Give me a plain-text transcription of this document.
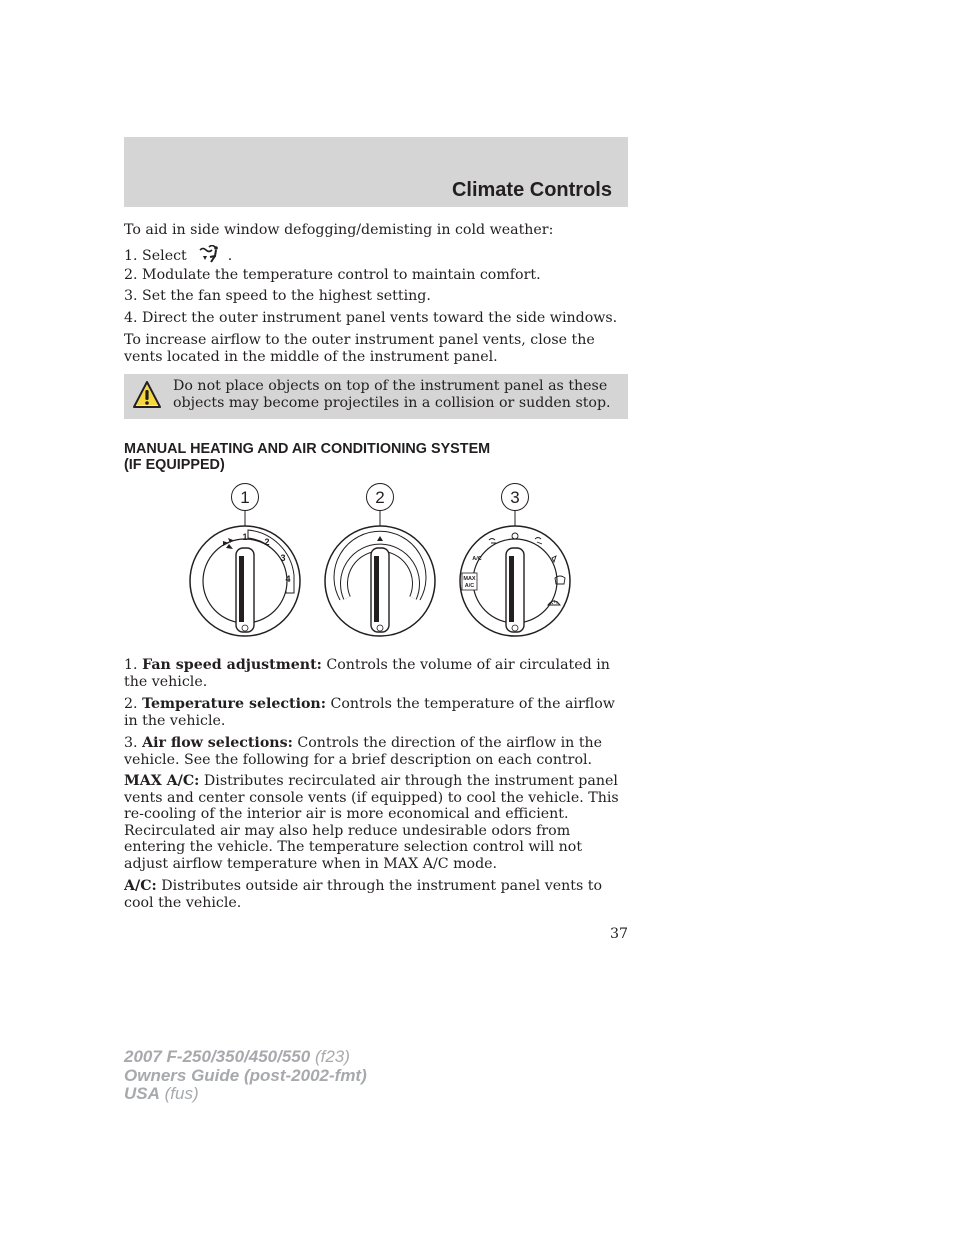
Climate Controls
To aid in side window defogging/demisting in cold weather:
1. Select	.
2. Modulate the temperature control to maintain comfort.
3. Set the fan speed to the highest setting.
4. Direct the outer instrument panel vents toward the side windows.
To increase airflow to the outer instrument panel vents, close the vents located in the middle of the instrument panel.
Do not place objects on top of the instrument panel as these objects may become projectiles in a collision or sudden stop.
MANUAL HEATING AND AIR CONDITIONING SYSTEM
(IF EQUIPPED)
1	2	3
1 2
3
4
A/C
MAX
A/C
1. Fan speed adjustment: Controls the volume of air circulated in the vehicle.
2. Temperature selection: Controls the temperature of the airflow in the vehicle.
3. Air flow selections: Controls the direction of the airflow in the vehicle. See the following for a brief description on each control.
MAX A/C: Distributes recirculated air through the instrument panel vents and center console vents (if equipped) to cool the vehicle. This re-cooling of the interior air is more economical and efficient. Recirculated air may also help reduce undesirable odors from entering the vehicle. The temperature selection control will not adjust airflow temperature when in MAX A/C mode.
A/C: Distributes outside air through the instrument panel vents to cool the vehicle.
37
2007 F-250/350/450/550 (f23)
Owners Guide (post-2002-fmt)
USA (fus)
